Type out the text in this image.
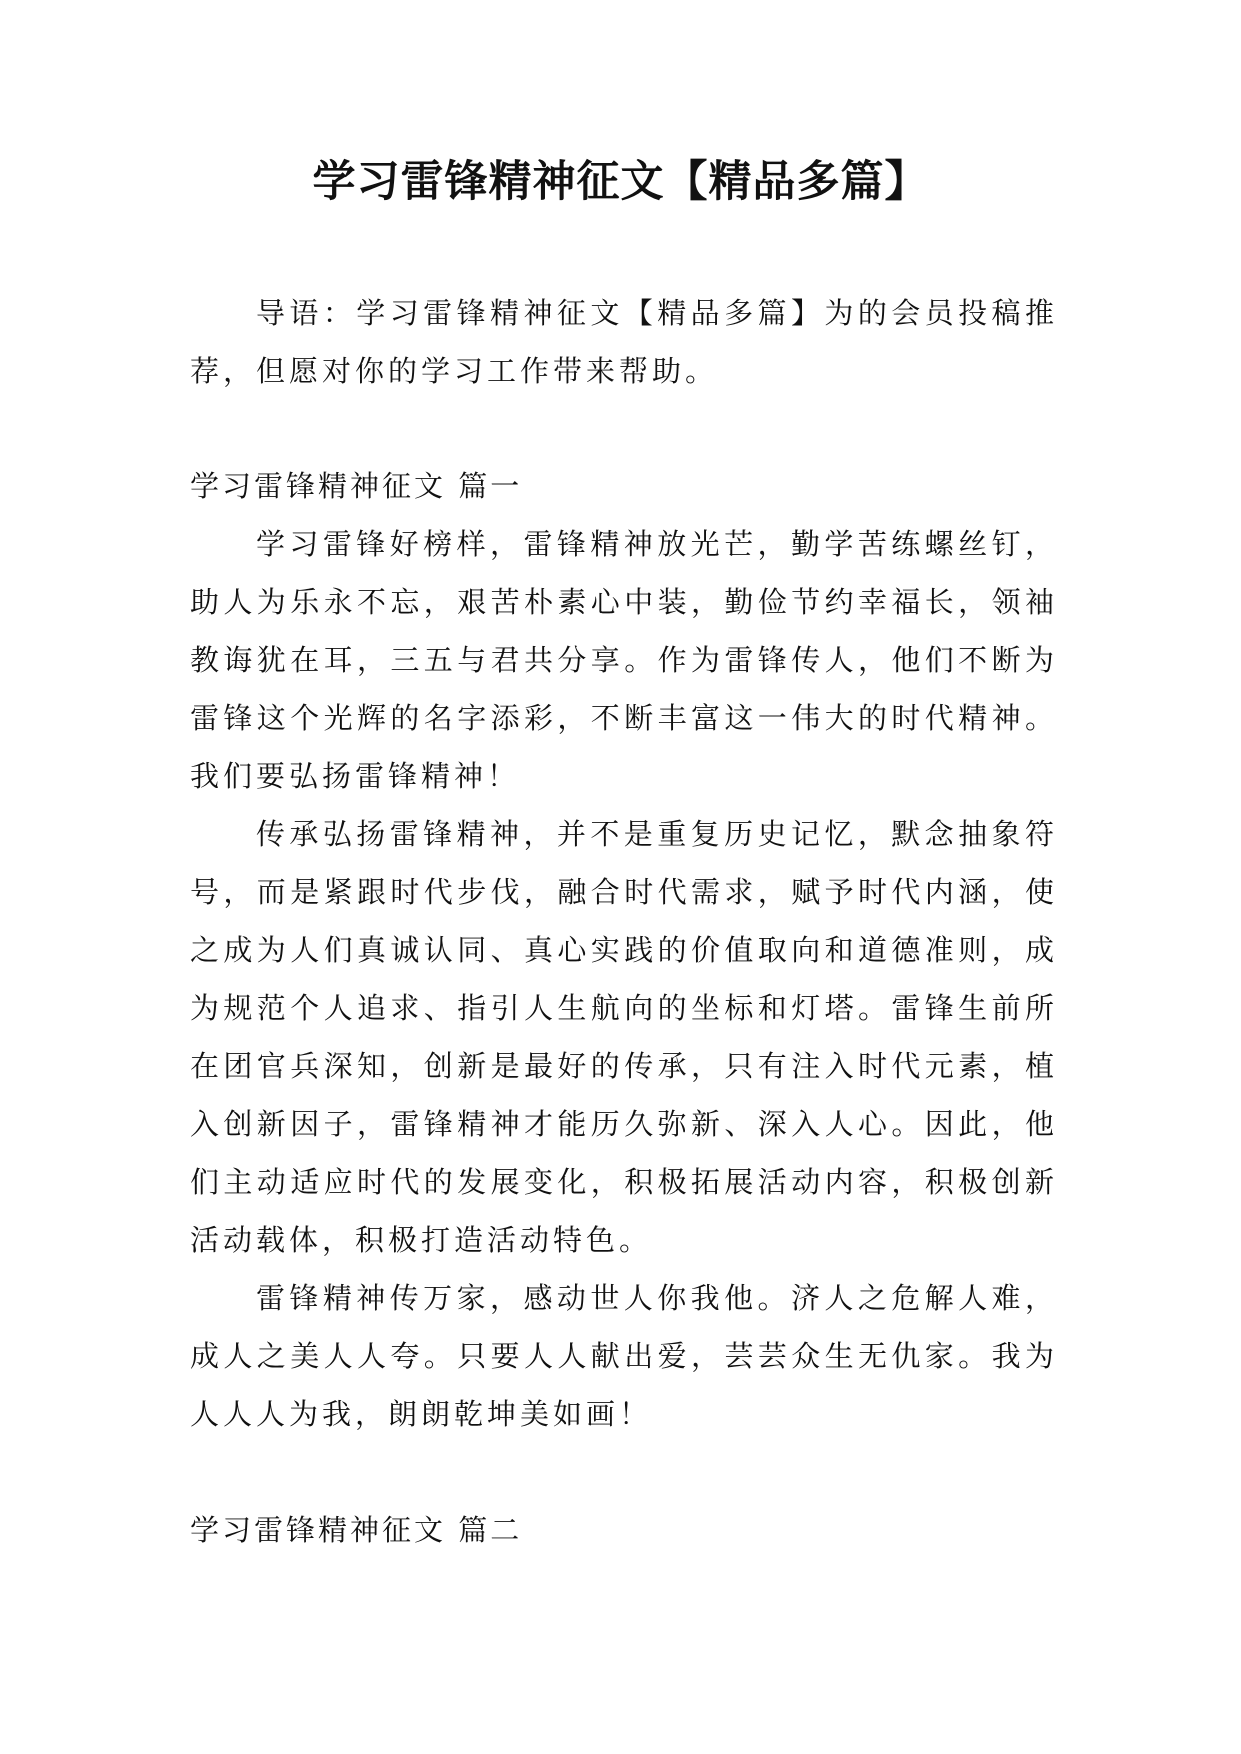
学习雷锋精神征文【精品多篇】

导语：学习雷锋精神征文【精品多篇】为的会员投稿推荐，但愿对你的学习工作带来帮助。

学习雷锋精神征文 篇一

学习雷锋好榜样，雷锋精神放光芒，勤学苦练螺丝钉，助人为乐永不忘，艰苦朴素心中装，勤俭节约幸福长，领袖教诲犹在耳，三五与君共分享。作为雷锋传人，他们不断为雷锋这个光辉的名字添彩，不断丰富这一伟大的时代精神。我们要弘扬雷锋精神！

传承弘扬雷锋精神，并不是重复历史记忆，默念抽象符号，而是紧跟时代步伐，融合时代需求，赋予时代内涵，使之成为人们真诚认同、真心实践的价值取向和道德准则，成为规范个人追求、指引人生航向的坐标和灯塔。雷锋生前所在团官兵深知，创新是最好的传承，只有注入时代元素，植入创新因子，雷锋精神才能历久弥新、深入人心。因此，他们主动适应时代的发展变化，积极拓展活动内容，积极创新活动载体，积极打造活动特色。

雷锋精神传万家，感动世人你我他。济人之危解人难，成人之美人人夸。只要人人献出爱，芸芸众生无仇家。我为人人人为我，朗朗乾坤美如画！

学习雷锋精神征文 篇二
